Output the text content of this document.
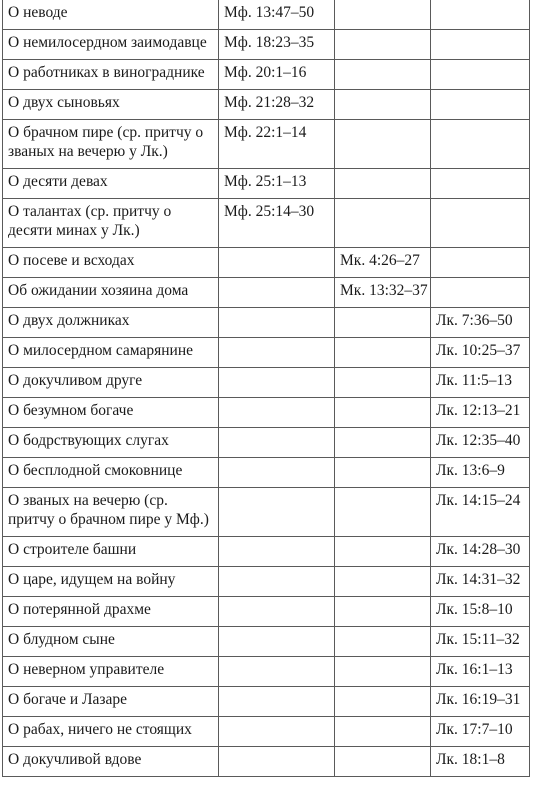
О неводе	Мф. 13:47–50		
О немилосердном заимодавце	Мф. 18:23–35		
О работниках в винограднике	Мф. 20:1–16		
О двух сыновьях	Мф. 21:28–32		
О брачном пире (ср. притчу о званых на вечерю у Лк.)	Мф. 22:1–14		
О десяти девах	Мф. 25:1–13		
О талантах (ср. притчу о десяти минах у Лк.)	Мф. 25:14–30		
О посеве и всходах		Мк. 4:26–27	
Об ожидании хозяина дома		Мк. 13:32–37	
О двух должниках			Лк. 7:36–50
О милосердном самарянине			Лк. 10:25–37
О докучливом друге			Лк. 11:5–13
О безумном богаче			Лк. 12:13–21
О бодрствующих слугах			Лк. 12:35–40
О бесплодной смоковнице			Лк. 13:6–9
О званых на вечерю (ср. притчу о брачном пире у Мф.)			Лк. 14:15–24
О строителе башни			Лк. 14:28–30
О царе, идущем на войну			Лк. 14:31–32
О потерянной драхме			Лк. 15:8–10
О блудном сыне			Лк. 15:11–32
О неверном управителе			Лк. 16:1–13
О богаче и Лазаре			Лк. 16:19–31
О рабах, ничего не стоящих			Лк. 17:7–10
О докучливой вдове			Лк. 18:1–8
